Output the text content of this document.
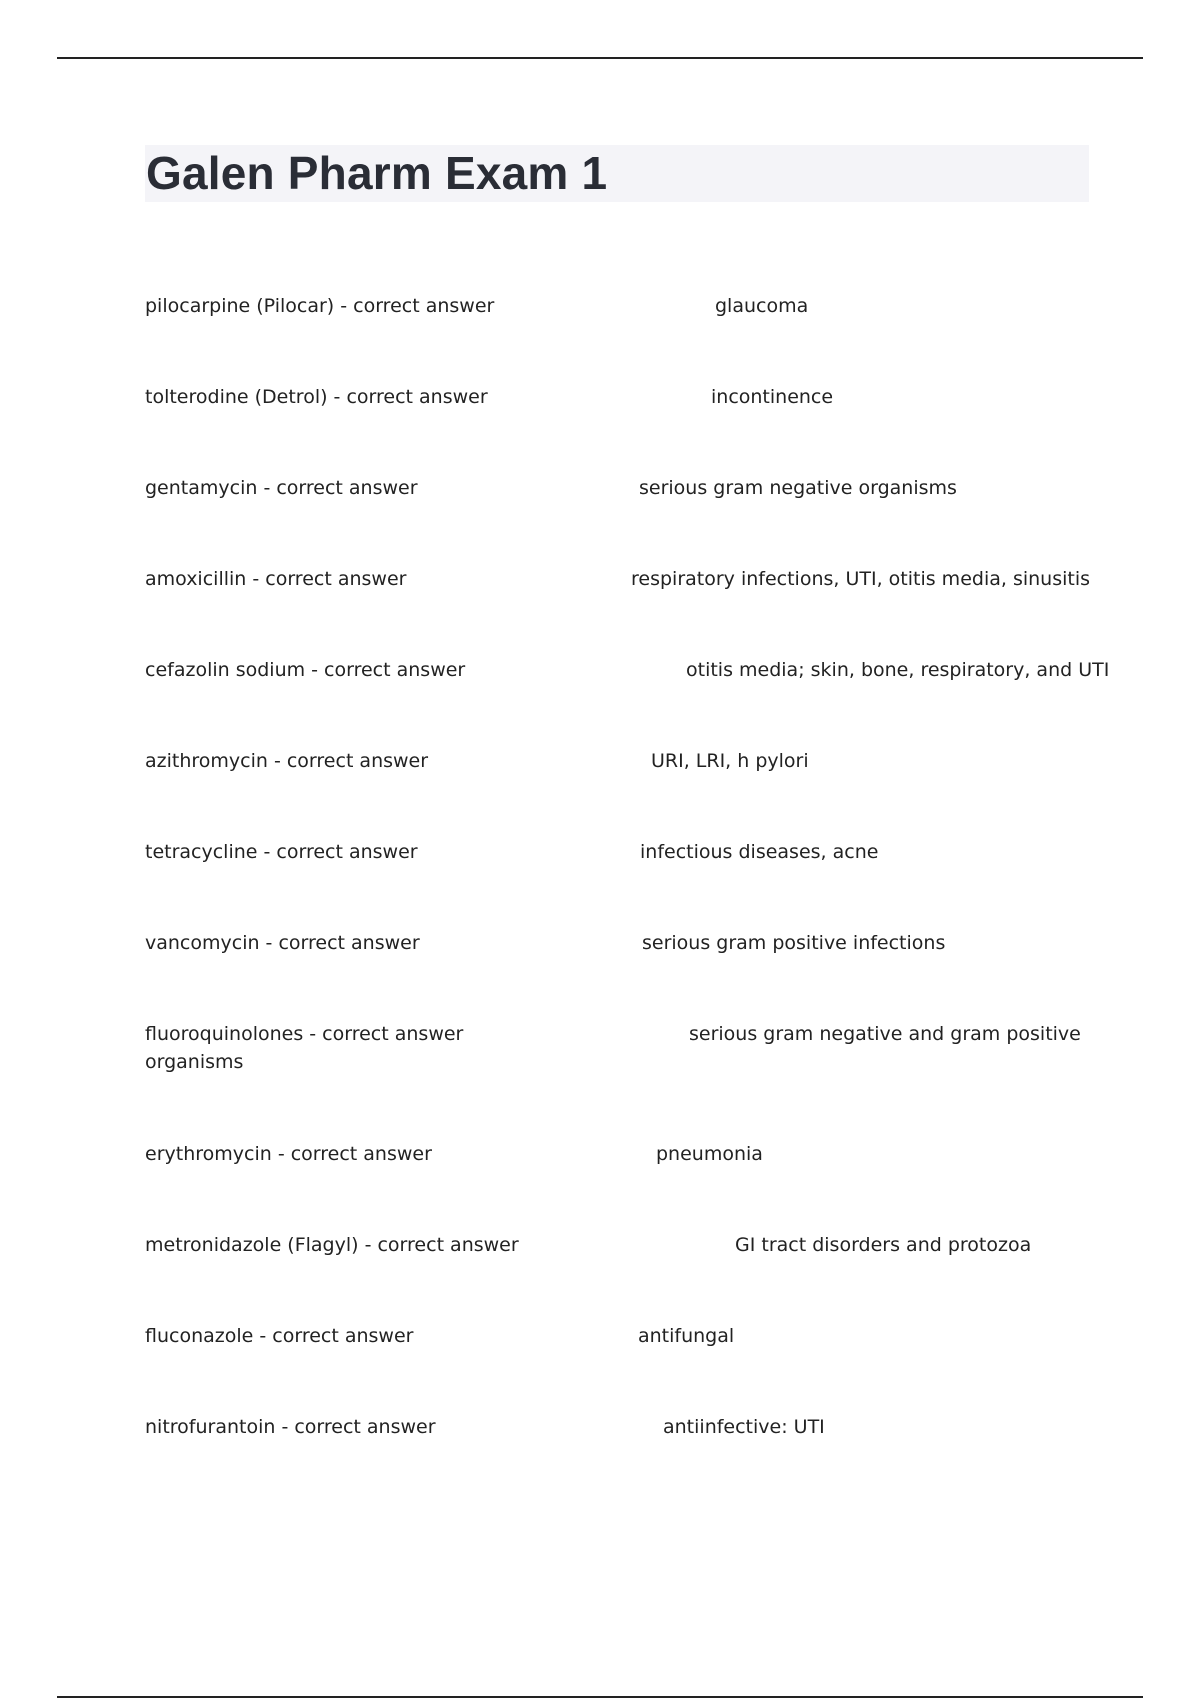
Galen Pharm Exam 1
pilocarpine (Pilocar) - correct answer	glaucoma
tolterodine (Detrol) - correct answer	incontinence
gentamycin - correct answer	serious gram negative organisms
amoxicillin - correct answer	respiratory infections, UTI, otitis media, sinusitis
cefazolin sodium - correct answer	otitis media; skin, bone, respiratory, and UTI
azithromycin - correct answer	URI, LRI, h pylori
tetracycline - correct answer	infectious diseases, acne
vancomycin - correct answer	serious gram positive infections
fluoroquinolones - correct answer	serious gram negative and gram positive
organisms
erythromycin - correct answer	pneumonia
metronidazole (Flagyl) - correct answer	GI tract disorders and protozoa
fluconazole - correct answer	antifungal
nitrofurantoin - correct answer	antiinfective: UTI
